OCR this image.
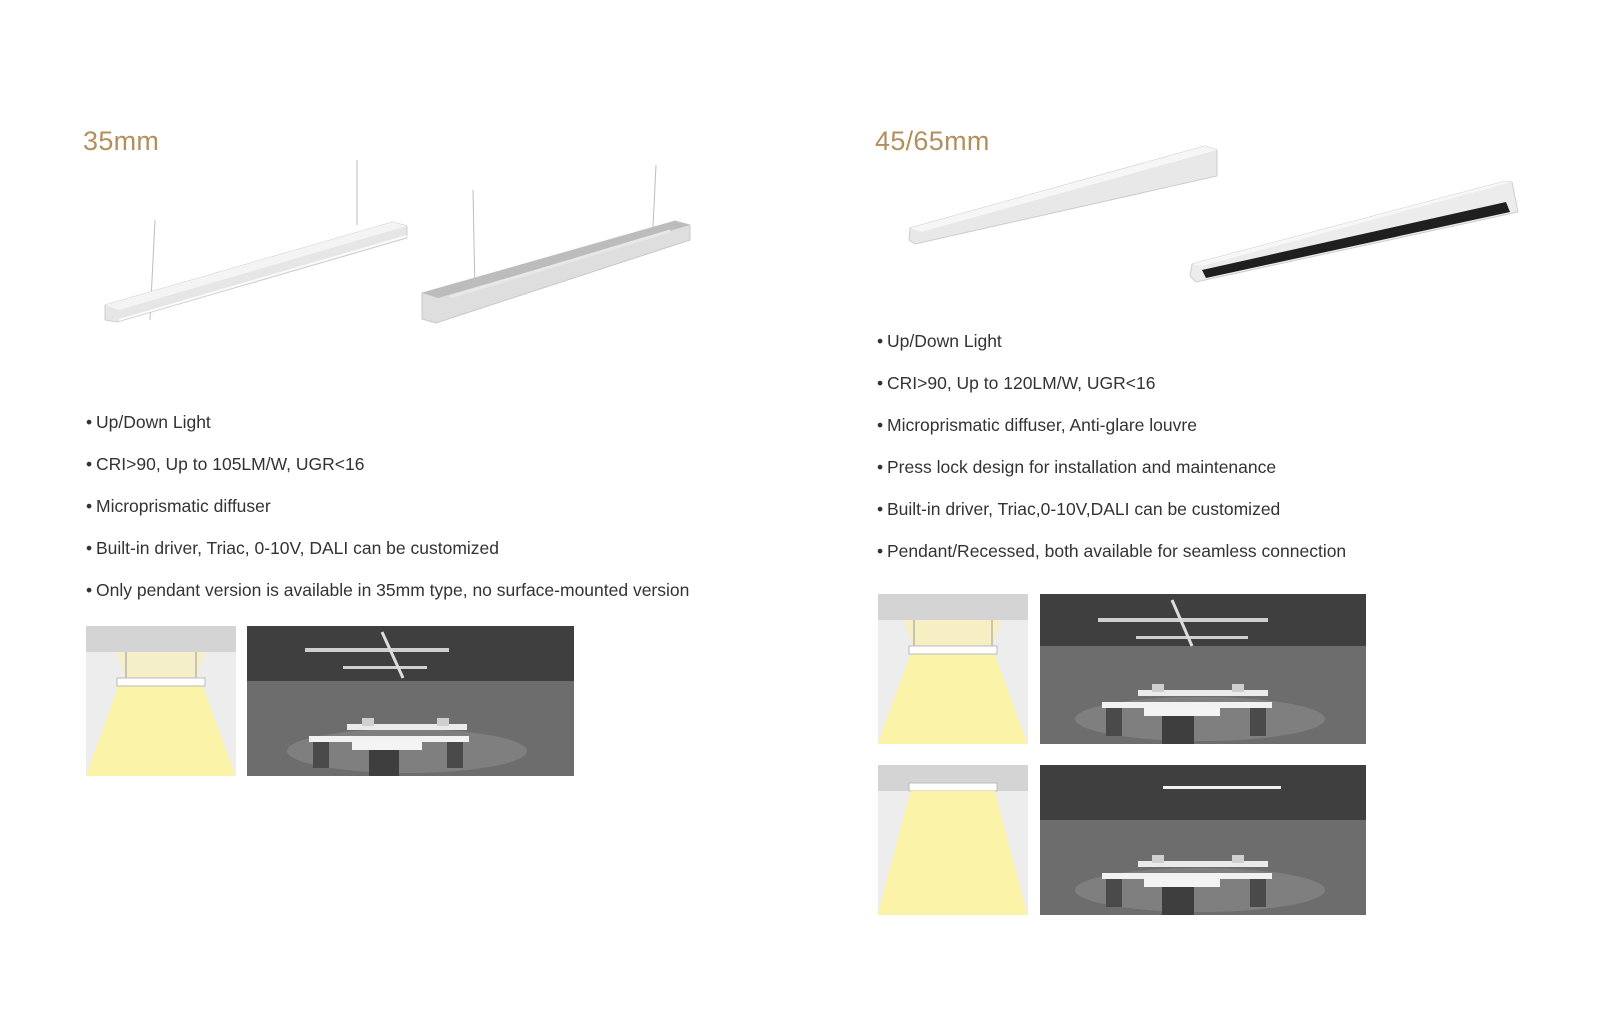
35mm
• Up/Down Light
• CRI>90, Up to 105LM/W, UGR<16
• Microprismatic diffuser
• Built-in driver, Triac, 0-10V, DALI can be customized
• Only pendant version is available in 35mm type, no surface-mounted version
45/65mm
• Up/Down Light
• CRI>90, Up to 120LM/W, UGR<16
• Microprismatic diffuser, Anti-glare louvre
• Press lock design for installation and maintenance
• Built-in driver, Triac,0-10V,DALI can be customized
• Pendant/Recessed, both available for seamless connection
